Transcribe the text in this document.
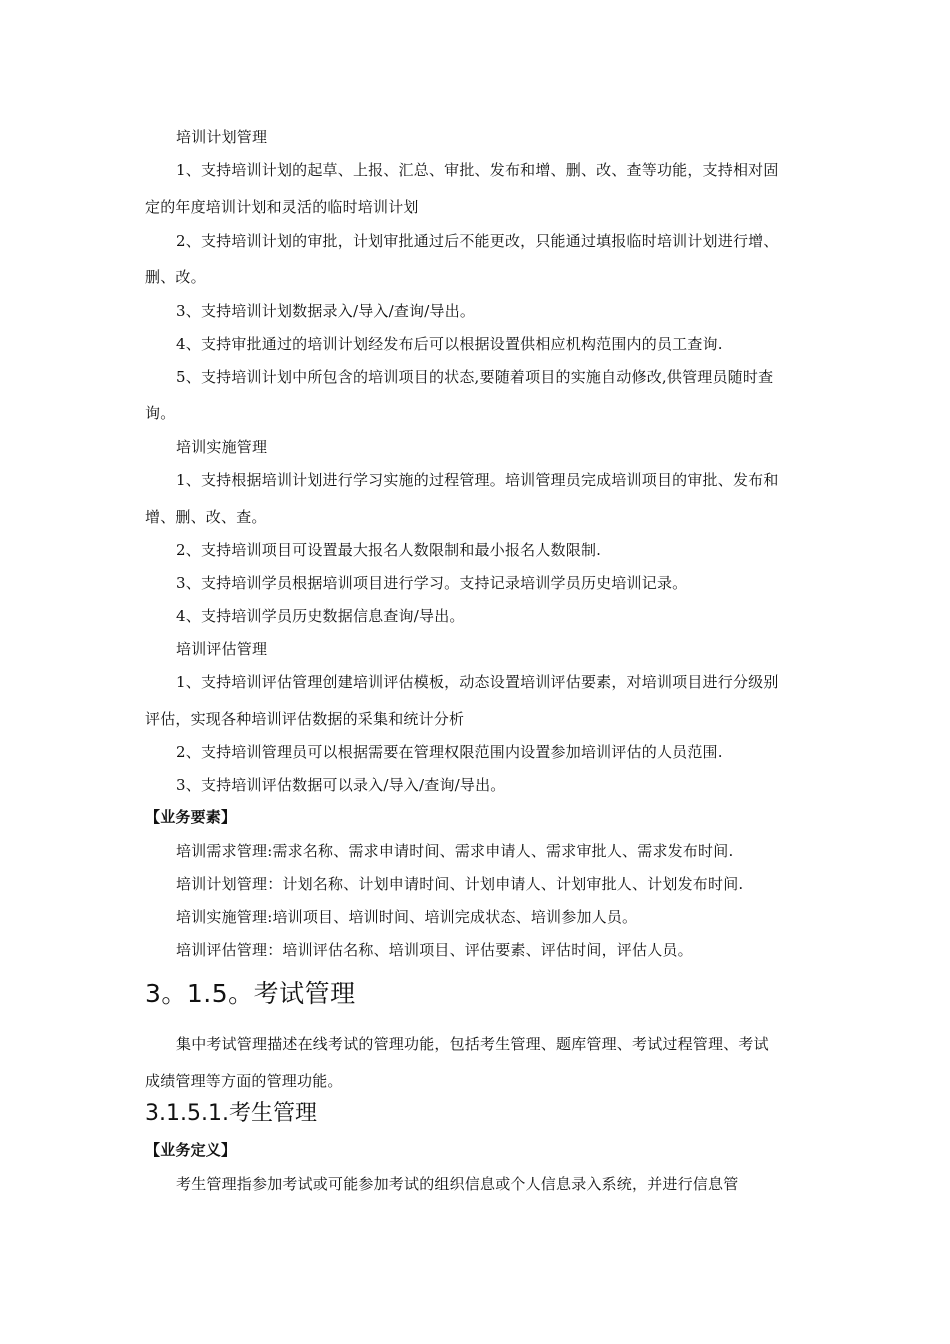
培训计划管理
1、支持培训计划的起草、上报、汇总、审批、发布和增、删、改、查等功能，支持相对固
定的年度培训计划和灵活的临时培训计划
2、支持培训计划的审批，计划审批通过后不能更改，只能通过填报临时培训计划进行增、
删、改。
3、支持培训计划数据录入/导入/查询/导出。
4、支持审批通过的培训计划经发布后可以根据设置供相应机构范围内的员工查询.
5、支持培训计划中所包含的培训项目的状态,要随着项目的实施自动修改,供管理员随时查
询。
培训实施管理
1、支持根据培训计划进行学习实施的过程管理。培训管理员完成培训项目的审批、发布和
增、删、改、查。
2、支持培训项目可设置最大报名人数限制和最小报名人数限制.
3、支持培训学员根据培训项目进行学习。支持记录培训学员历史培训记录。
4、支持培训学员历史数据信息查询/导出。
培训评估管理
1、支持培训评估管理创建培训评估模板，动态设置培训评估要素，对培训项目进行分级别
评估，实现各种培训评估数据的采集和统计分析
2、支持培训管理员可以根据需要在管理权限范围内设置参加培训评估的人员范围.
3、支持培训评估数据可以录入/导入/查询/导出。
【业务要素】
培训需求管理:需求名称、需求申请时间、需求申请人、需求审批人、需求发布时间.
培训计划管理：计划名称、计划申请时间、计划申请人、计划审批人、计划发布时间.
培训实施管理:培训项目、培训时间、培训完成状态、培训参加人员。
培训评估管理：培训评估名称、培训项目、评估要素、评估时间，评估人员。
3。1.5。考试管理
集中考试管理描述在线考试的管理功能，包括考生管理、题库管理、考试过程管理、考试
成绩管理等方面的管理功能。
3.1.5.1.考生管理
【业务定义】
考生管理指参加考试或可能参加考试的组织信息或个人信息录入系统，并进行信息管
